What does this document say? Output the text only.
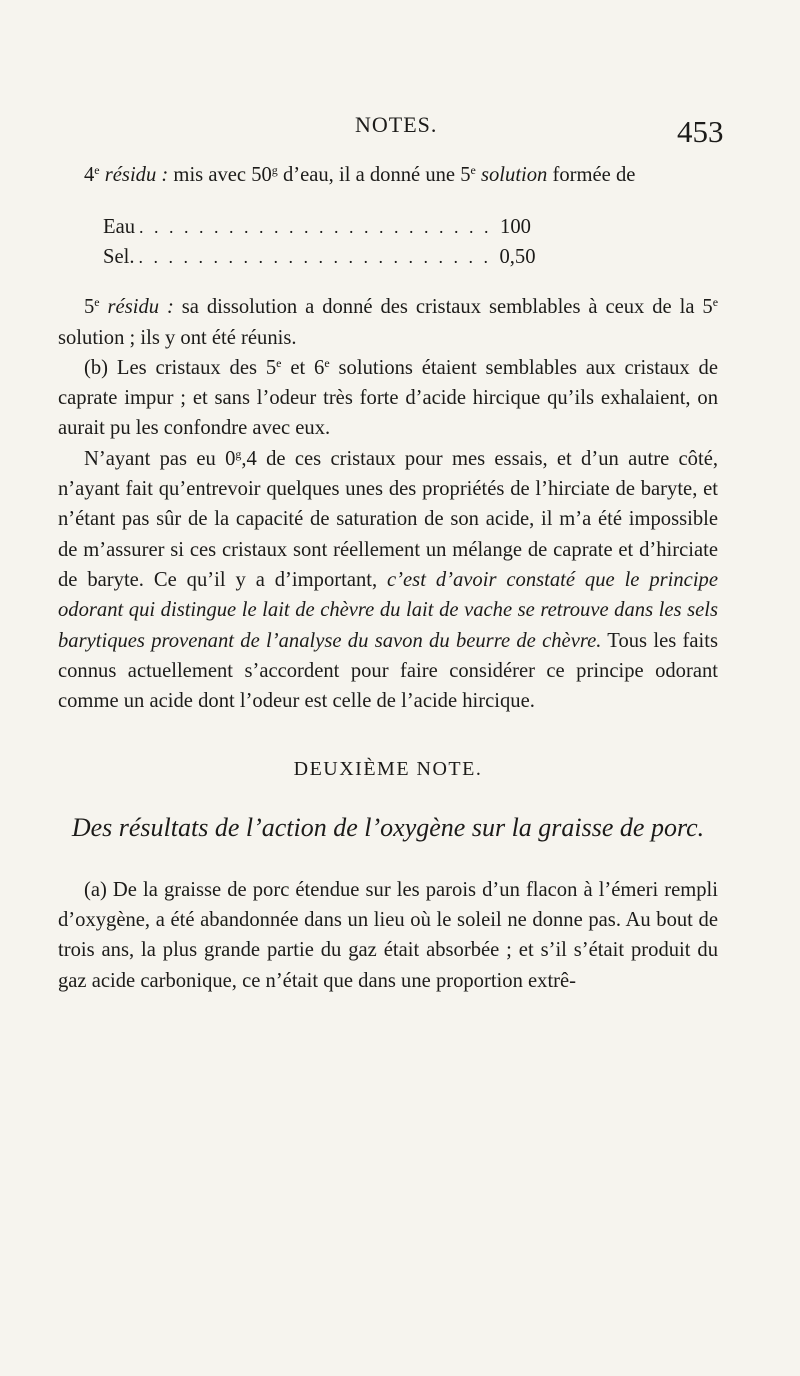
NOTES.	453

4e résidu : mis avec 50$^g$ d’eau, il a donné une 5e solution formée de

Eau . . . . . . . . . . . . . . . . . . . . . . . . 100
Sel. . . . . . . . . . . . . . . . . . . . . . . . . 0,50

5e résidu : sa dissolution a donné des cristaux semblables à ceux de la 5e solution ; ils y ont été réunis.

(b) Les cristaux des 5e et 6e solutions étaient semblables aux cristaux de caprate impur ; et sans l’odeur très forte d’acide hircique qu’ils exhalaient, on aurait pu les confondre avec eux.

N’ayant pas eu 0$^g$,4 de ces cristaux pour mes essais, et d’un autre côté, n’ayant fait qu’entrevoir quelques unes des propriétés de l’hirciate de baryte, et n’étant pas sûr de la capacité de saturation de son acide, il m’a été impossible de m’assurer si ces cristaux sont réellement un mélange de caprate et d’hirciate de baryte. Ce qu’il y a d’important, c’est d’avoir constaté que le principe odorant qui distingue le lait de chèvre du lait de vache se retrouve dans les sels barytiques provenant de l’analyse du savon du beurre de chèvre. Tous les faits connus actuellement s’accordent pour faire considérer ce principe odorant comme un acide dont l’odeur est celle de l’acide hircique.

DEUXIÈME NOTE.
Des résultats de l’action de l’oxygène sur la graisse de porc.

(a) De la graisse de porc étendue sur les parois d’un flacon à l’émeri rempli d’oxygène, a été abandonnée dans un lieu où le soleil ne donne pas. Au bout de trois ans, la plus grande partie du gaz était absorbée ; et s’il s’était produit du gaz acide carbonique, ce n’était que dans une proportion extrê-
